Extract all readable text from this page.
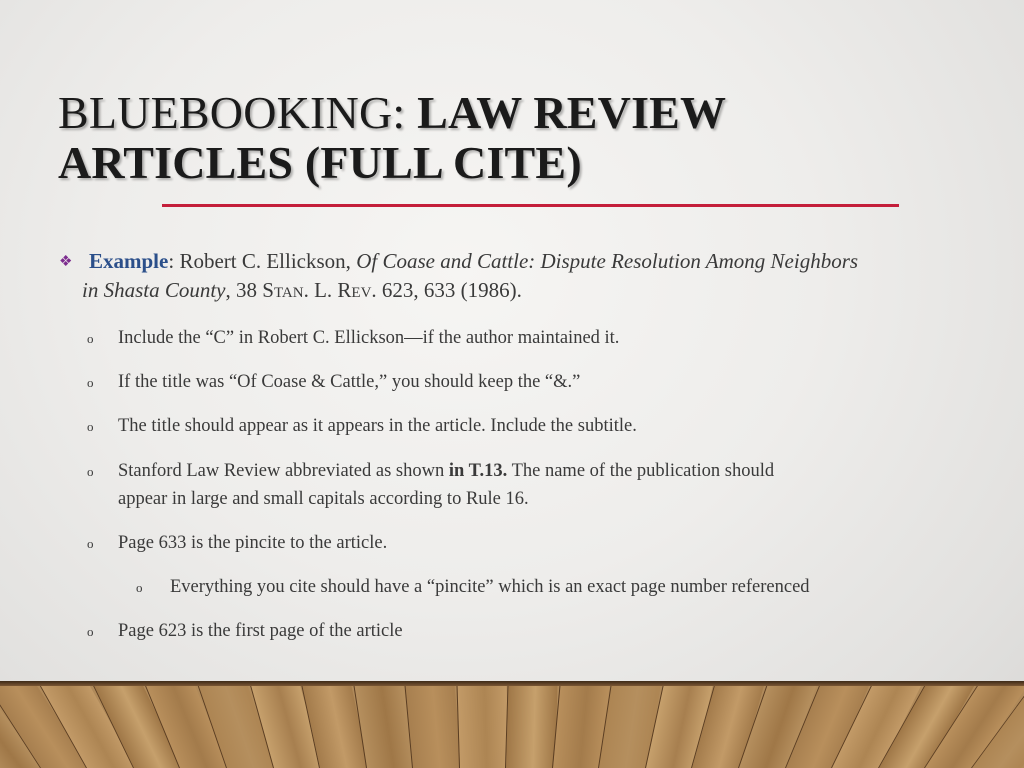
BLUEBOOKING: LAW REVIEW
ARTICLES (FULL CITE)
❖ Example: Robert C. Ellickson, Of Coase and Cattle: Dispute Resolution Among Neighbors
in Shasta County, 38 Stan. L. Rev. 623, 633 (1986).
o Include the “C” in Robert C. Ellickson—if the author maintained it.
o If the title was “Of Coase & Cattle,” you should keep the “&.”
o The title should appear as it appears in the article. Include the subtitle.
o Stanford Law Review abbreviated as shown in T.13. The name of the publication should
appear in large and small capitals according to Rule 16.
o Page 633 is the pincite to the article.
o Everything you cite should have a “pincite” which is an exact page number referenced
o Page 623 is the first page of the article
